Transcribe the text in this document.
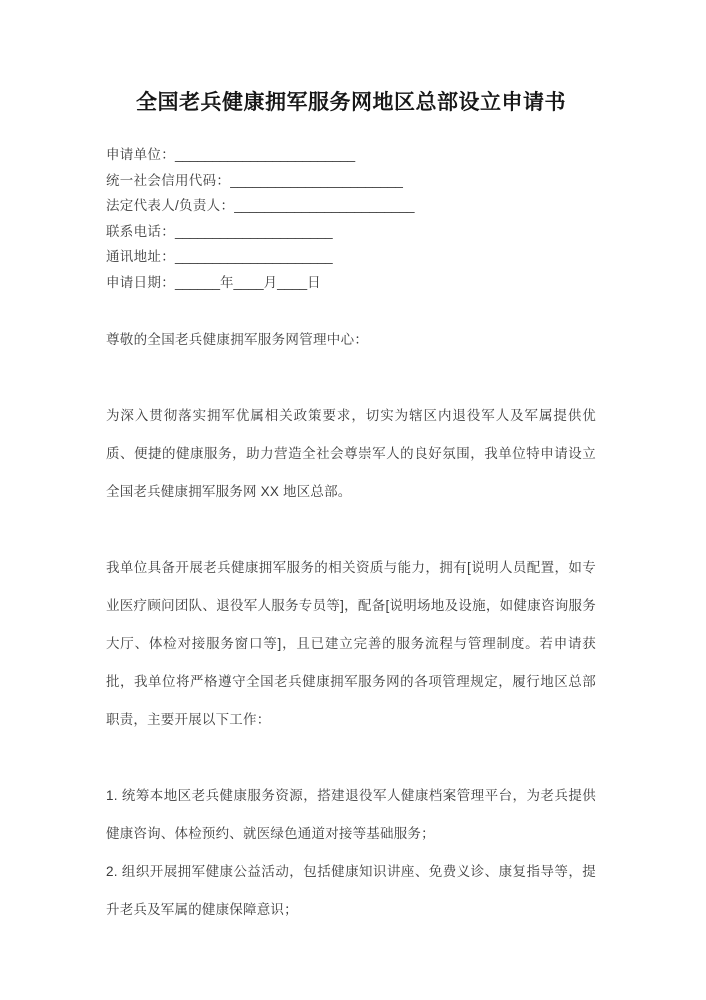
全国老兵健康拥军服务网地区总部设立申请书
申请单位：________________________
统一社会信用代码：_______________________
法定代表人/负责人：________________________
联系电话：_____________________
通讯地址：_____________________
申请日期：______年____月____日

尊敬的全国老兵健康拥军服务网管理中心：

为深入贯彻落实拥军优属相关政策要求，切实为辖区内退役军人及军属提供优质、便捷的健康服务，助力营造全社会尊崇军人的良好氛围，我单位特申请设立全国老兵健康拥军服务网 XX 地区总部。

我单位具备开展老兵健康拥军服务的相关资质与能力，拥有[说明人员配置，如专业医疗顾问团队、退役军人服务专员等]，配备[说明场地及设施，如健康咨询服务大厅、体检对接服务窗口等]，且已建立完善的服务流程与管理制度。若申请获批，我单位将严格遵守全国老兵健康拥军服务网的各项管理规定，履行地区总部职责，主要开展以下工作：

1. 统筹本地区老兵健康服务资源，搭建退役军人健康档案管理平台，为老兵提供健康咨询、体检预约、就医绿色通道对接等基础服务；

2. 组织开展拥军健康公益活动，包括健康知识讲座、免费义诊、康复指导等，提升老兵及军属的健康保障意识；
